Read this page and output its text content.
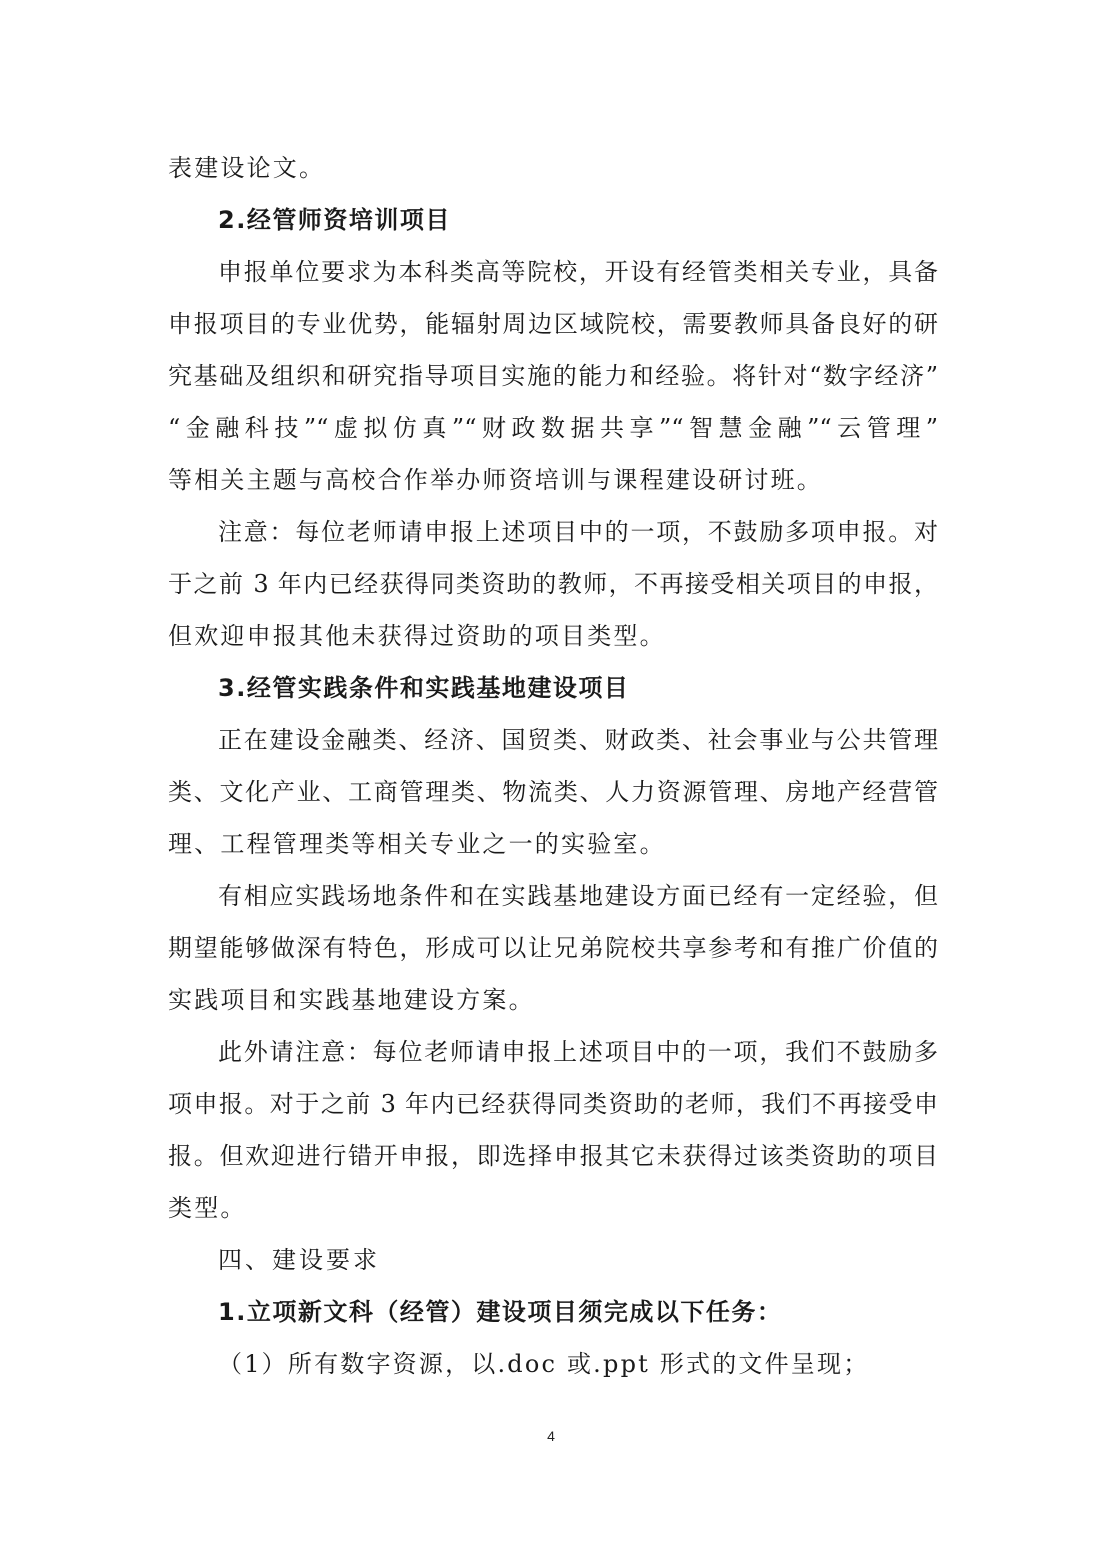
表建设论文。
2.经管师资培训项目
申报单位要求为本科类高等院校，开设有经管类相关专业，具备
申报项目的专业优势，能辐射周边区域院校，需要教师具备良好的研
究基础及组织和研究指导项目实施的能力和经验。将针对“数字经济”
“金融科技”“虚拟仿真”“财政数据共享”“智慧金融”“云管理”
等相关主题与高校合作举办师资培训与课程建设研讨班。
注意：每位老师请申报上述项目中的一项，不鼓励多项申报。对
于之前 3 年内已经获得同类资助的教师，不再接受相关项目的申报，
但欢迎申报其他未获得过资助的项目类型。
3.经管实践条件和实践基地建设项目
正在建设金融类、经济、国贸类、财政类、社会事业与公共管理
类、文化产业、工商管理类、物流类、人力资源管理、房地产经营管
理、工程管理类等相关专业之一的实验室。
有相应实践场地条件和在实践基地建设方面已经有一定经验，但
期望能够做深有特色，形成可以让兄弟院校共享参考和有推广价值的
实践项目和实践基地建设方案。
此外请注意：每位老师请申报上述项目中的一项，我们不鼓励多
项申报。对于之前 3 年内已经获得同类资助的老师，我们不再接受申
报。但欢迎进行错开申报，即选择申报其它未获得过该类资助的项目
类型。
四、建设要求
1.立项新文科（经管）建设项目须完成以下任务：
（1）所有数字资源，以.doc 或.ppt 形式的文件呈现；
4
